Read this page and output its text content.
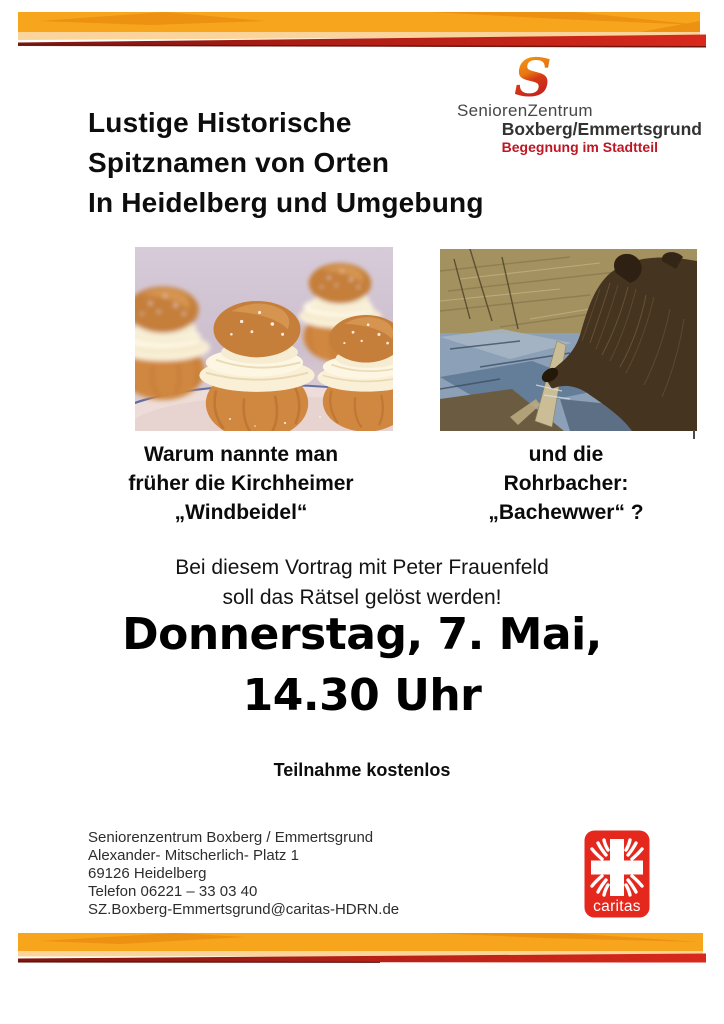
Lustige Historische
Spitznamen von Orten
In Heidelberg und Umgebung
S
SeniorenZentrum
Boxberg/Emmertsgrund
Begegnung im Stadtteil
Warum nannte man
früher die Kirchheimer
„Windbeidel“
und die
Rohrbacher:
„Bachewwer“ ?
Bei diesem Vortrag mit Peter Frauenfeld
soll das Rätsel gelöst werden!
Donnerstag, 7. Mai,
14.30 Uhr
Teilnahme kostenlos
Seniorenzentrum Boxberg / Emmertsgrund
Alexander- Mitscherlich- Platz 1
69126 Heidelberg
Telefon 06221 – 33 03 40
SZ.Boxberg-Emmertsgrund@caritas-HDRN.de	caritas
